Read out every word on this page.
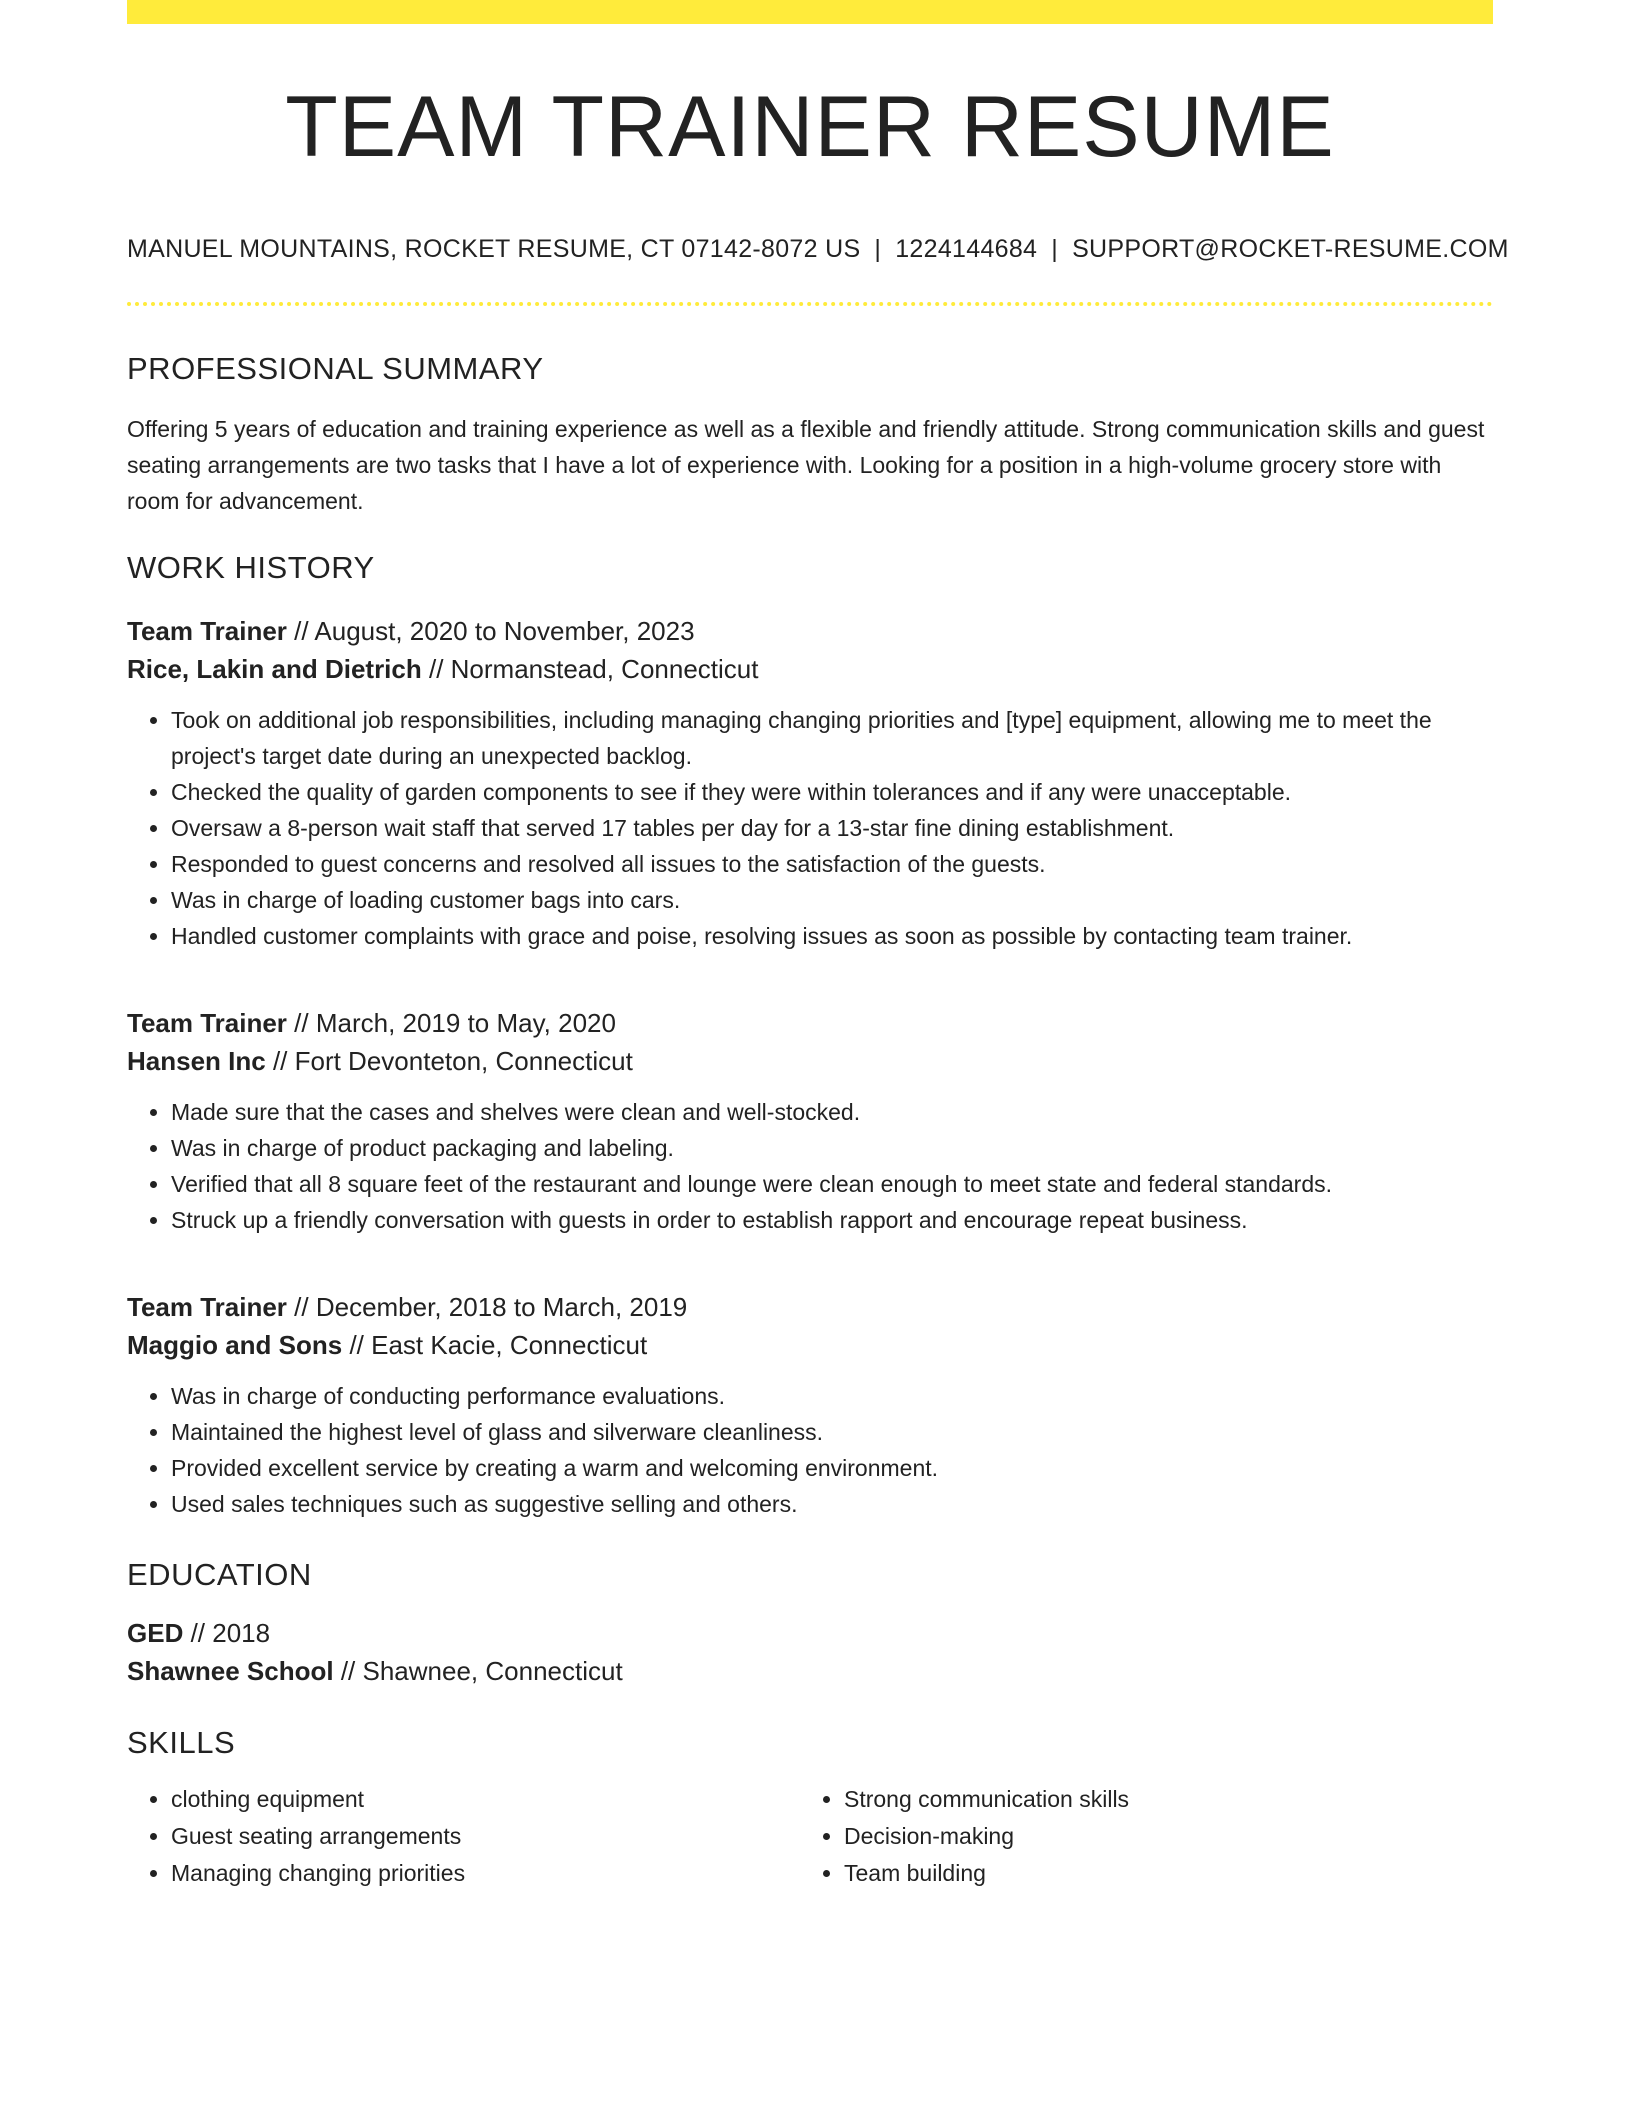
TEAM TRAINER RESUME
MANUEL MOUNTAINS, ROCKET RESUME, CT 07142-8072 US | 1224144684 | SUPPORT@ROCKET-RESUME.COM
PROFESSIONAL SUMMARY
Offering 5 years of education and training experience as well as a flexible and friendly attitude. Strong communication skills and guest seating arrangements are two tasks that I have a lot of experience with. Looking for a position in a high-volume grocery store with room for advancement.
WORK HISTORY
Team Trainer // August, 2020 to November, 2023
Rice, Lakin and Dietrich // Normanstead, Connecticut
• Took on additional job responsibilities, including managing changing priorities and [type] equipment, allowing me to meet the project's target date during an unexpected backlog.
• Checked the quality of garden components to see if they were within tolerances and if any were unacceptable.
• Oversaw a 8-person wait staff that served 17 tables per day for a 13-star fine dining establishment.
• Responded to guest concerns and resolved all issues to the satisfaction of the guests.
• Was in charge of loading customer bags into cars.
• Handled customer complaints with grace and poise, resolving issues as soon as possible by contacting team trainer.
Team Trainer // March, 2019 to May, 2020
Hansen Inc // Fort Devonteton, Connecticut
• Made sure that the cases and shelves were clean and well-stocked.
• Was in charge of product packaging and labeling.
• Verified that all 8 square feet of the restaurant and lounge were clean enough to meet state and federal standards.
• Struck up a friendly conversation with guests in order to establish rapport and encourage repeat business.
Team Trainer // December, 2018 to March, 2019
Maggio and Sons // East Kacie, Connecticut
• Was in charge of conducting performance evaluations.
• Maintained the highest level of glass and silverware cleanliness.
• Provided excellent service by creating a warm and welcoming environment.
• Used sales techniques such as suggestive selling and others.
EDUCATION
GED // 2018
Shawnee School // Shawnee, Connecticut
SKILLS
• clothing equipment
• Guest seating arrangements
• Managing changing priorities
• Strong communication skills
• Decision-making
• Team building
